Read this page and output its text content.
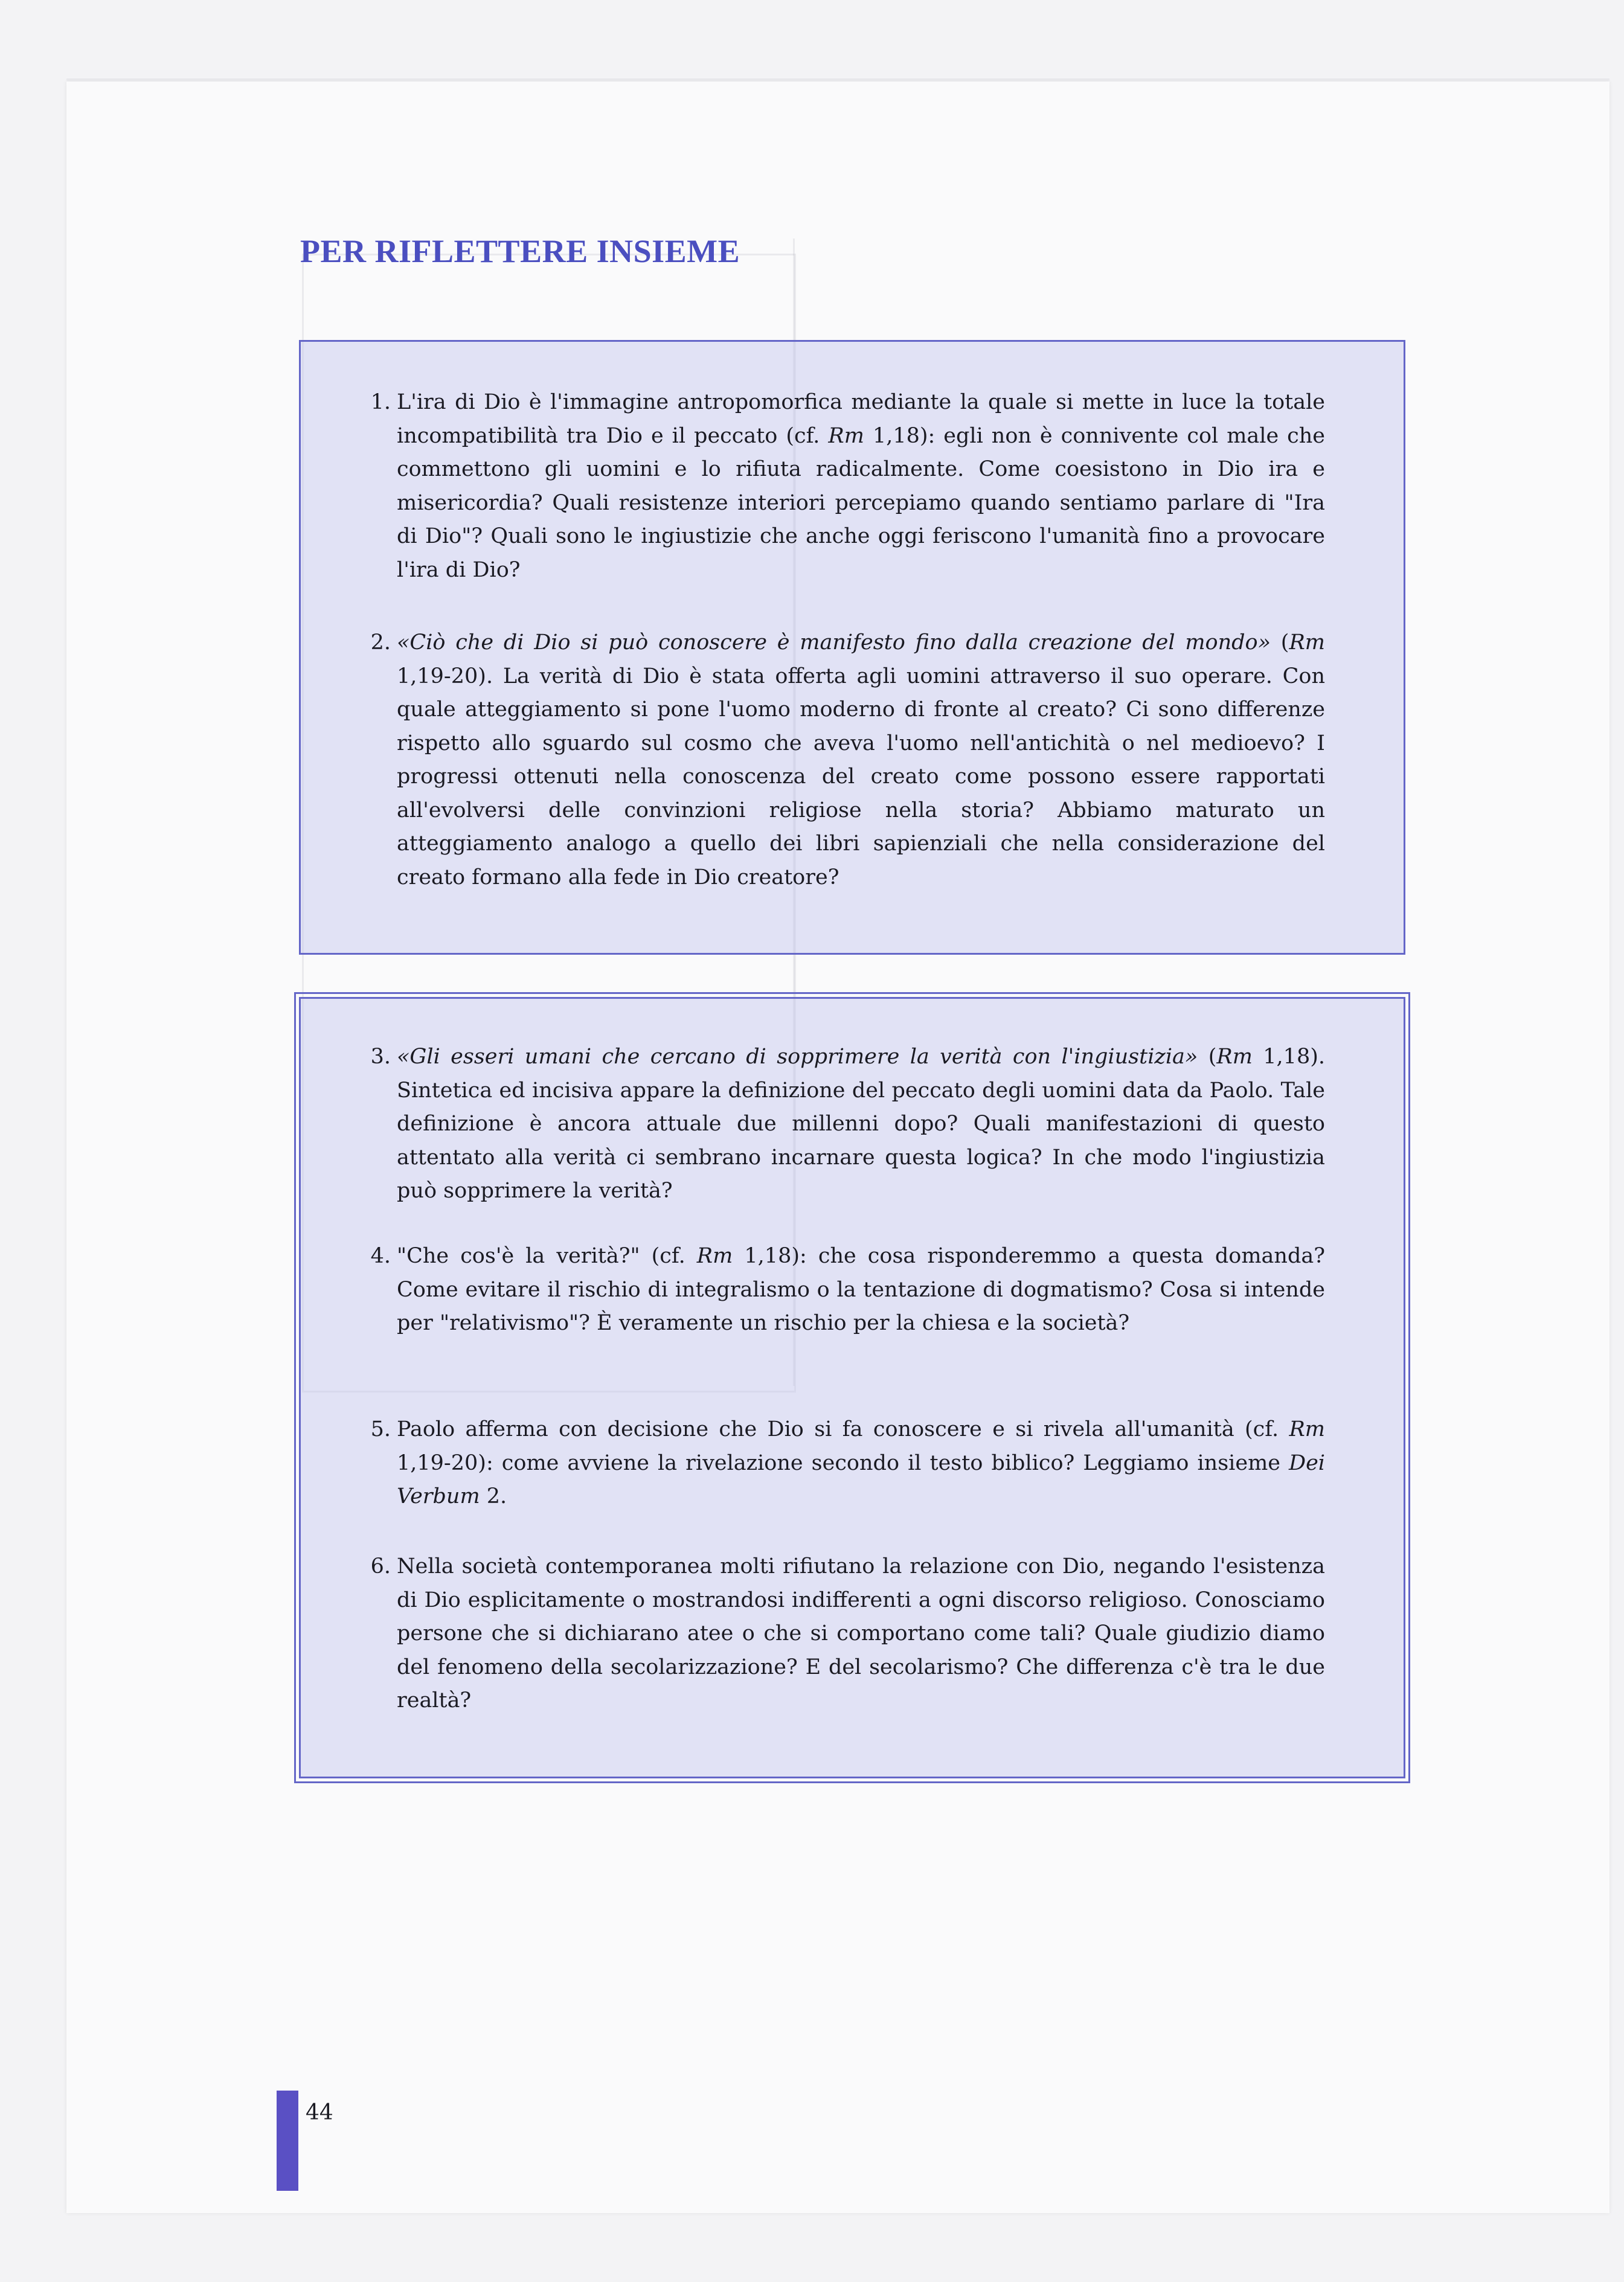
PER RIFLETTERE INSIEME
1. L'ira di Dio è l'immagine antropomorfica mediante la quale si mette in luce la totale incompatibilità tra Dio e il peccato (cf. Rm 1,18): egli non è connivente col male che commettono gli uomini e lo rifiuta radicalmente. Come coesistono in Dio ira e misericordia? Quali resistenze interiori percepiamo quando sentiamo parlare di "Ira di Dio"? Quali sono le ingiustizie che anche oggi feriscono l'umanità fino a provocare l'ira di Dio?
2. «Ciò che di Dio si può conoscere è manifesto fino dalla creazione del mondo» (Rm 1,19-20). La verità di Dio è stata offerta agli uomini attraverso il suo operare. Con quale atteggiamento si pone l'uomo moderno di fronte al creato? Ci sono differenze rispetto allo sguardo sul cosmo che aveva l'uomo nell'antichità o nel medioevo? I progressi ottenuti nella conoscenza del creato come possono essere rapportati all'evolversi delle convinzioni religiose nella storia? Abbiamo maturato un atteggiamento analogo a quello dei libri sapienziali che nella considerazione del creato formano alla fede in Dio creatore?
3. «Gli esseri umani che cercano di sopprimere la verità con l'ingiustizia» (Rm 1,18). Sintetica ed incisiva appare la definizione del peccato degli uomini data da Paolo. Tale definizione è ancora attuale due millenni dopo? Quali manifestazioni di questo attentato alla verità ci sembrano incarnare questa logica? In che modo l'ingiustizia può sopprimere la verità?
4. "Che cos'è la verità?" (cf. Rm 1,18): che cosa risponderemmo a questa domanda? Come evitare il rischio di integralismo o la tentazione di dogmatismo? Cosa si intende per "relativismo"? È veramente un rischio per la chiesa e la società?
5. Paolo afferma con decisione che Dio si fa conoscere e si rivela all'umanità (cf. Rm 1,19-20): come avviene la rivelazione secondo il testo biblico? Leggiamo insieme Dei Verbum 2.
6. Nella società contemporanea molti rifiutano la relazione con Dio, negando l'esistenza di Dio esplicitamente o mostrandosi indifferenti a ogni discorso religioso. Conosciamo persone che si dichiarano atee o che si comportano come tali? Quale giudizio diamo del fenomeno della secolarizzazione? E del secolarismo? Che differenza c'è tra le due realtà?
44
